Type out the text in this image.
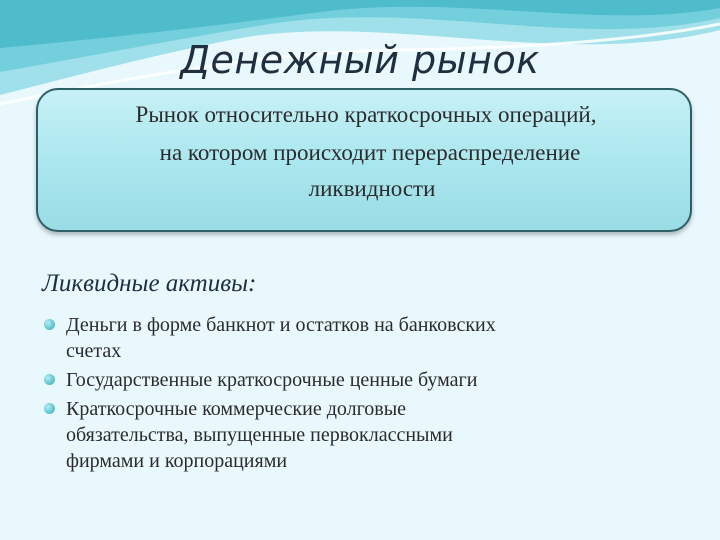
Денежный рынок
Рынок относительно краткосрочных операций,
на котором происходит перераспределение
ликвидности
Ликвидные активы:
Деньги в форме банкнот и остатков на банковских
счетах
Государственные краткосрочные ценные бумаги
Краткосрочные коммерческие долговые
обязательства, выпущенные первоклассными
фирмами и корпорациями
